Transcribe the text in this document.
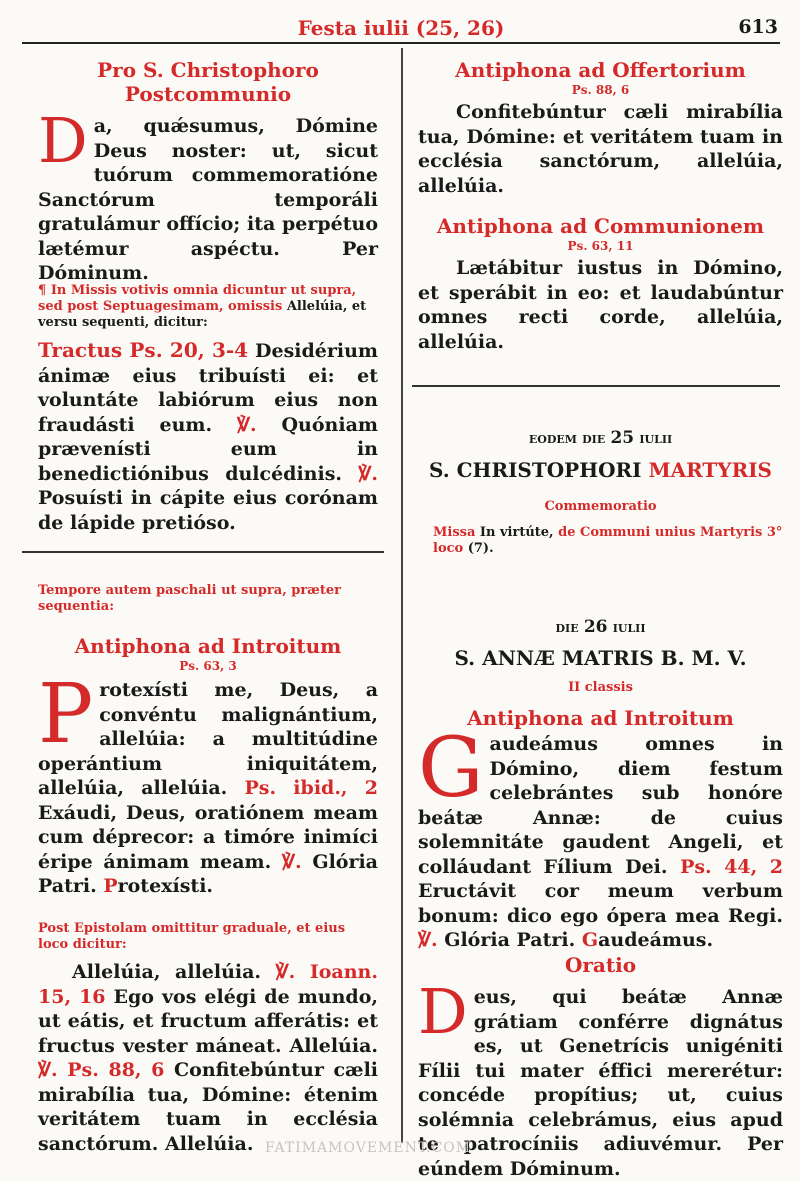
Festa iulii (25, 26)	613
Pro S. Christophoro
Postcommunio
Da, quǽsumus, Dómine Deus noster: ut, sicut tuórum commemoratióne Sanctórum temporáli gratulámur offício; ita perpétuo lætémur aspéctu. Per Dóminum.
¶ In Missis votivis omnia dicuntur ut supra, sed post Septuagesimam, omissis Allelúia, et versu sequenti, dicitur:
Tractus Ps. 20, 3-4 Desidérium ánimæ eius tribuísti ei: et voluntáte labiórum eius non fraudásti eum. ℣. Quóniam prævenísti eum in benedictiónibus dulcédinis. ℣. Posuísti in cápite eius corónam de lápide pretióso.
Tempore autem paschali ut supra, præter sequentia:
Antiphona ad Introitum
Ps. 63, 3
Protexísti me, Deus, a convéntu malignántium, allelúia: a multitúdine operántium iniquitátem, allelúia, allelúia. Ps. ibid., 2 Exáudi, Deus, oratiónem meam cum déprecor: a timóre inimíci éripe ánimam meam. ℣. Glória Patri. Protexísti.
Post Epistolam omittitur graduale, et eius loco dicitur:
Allelúia, allelúia. ℣. Ioann. 15, 16 Ego vos elégi de mundo, ut eátis, et fructum afferátis: et fructus vester máneat. Allelúia. ℣. Ps. 88, 6 Confitebúntur cæli mirabília tua, Dómine: étenim veritátem tuam in ecclésia sanctórum. Allelúia.
Antiphona ad Offertorium
Ps. 88, 6
Confitebúntur cæli mirabília tua, Dómine: et veritátem tuam in ecclésia sanctórum, allelúia, allelúia.
Antiphona ad Communionem
Ps. 63, 11
Lætábitur iustus in Dómino, et sperábit in eo: et laudabúntur omnes recti corde, allelúia, allelúia.
eodem die 25 iulii
S. CHRISTOPHORI MARTYRIS
Commemoratio
Missa In virtúte, de Communi unius Martyris 3° loco (7).
die 26 iulii
S. ANNÆ MATRIS B. M. V.
II classis
Antiphona ad Introitum
Gaudeámus omnes in Dómino, diem festum celebrántes sub honóre beátæ Annæ: de cuius solemnitáte gaudent Angeli, et colláudant Fílium Dei. Ps. 44, 2 Eructávit cor meum verbum bonum: dico ego ópera mea Regi. ℣. Glória Patri. Gaudeámus.
Oratio
Deus, qui beátæ Annæ grátiam conférre dignátus es, ut Genetrícis unigéniti Fílii tui mater éffici mererétur: concéde propítius; ut, cuius solémnia celebrámus, eius apud te patrocíniis adiuvémur. Per eúndem Dóminum.
FATIMAMOVEMENT.COM
